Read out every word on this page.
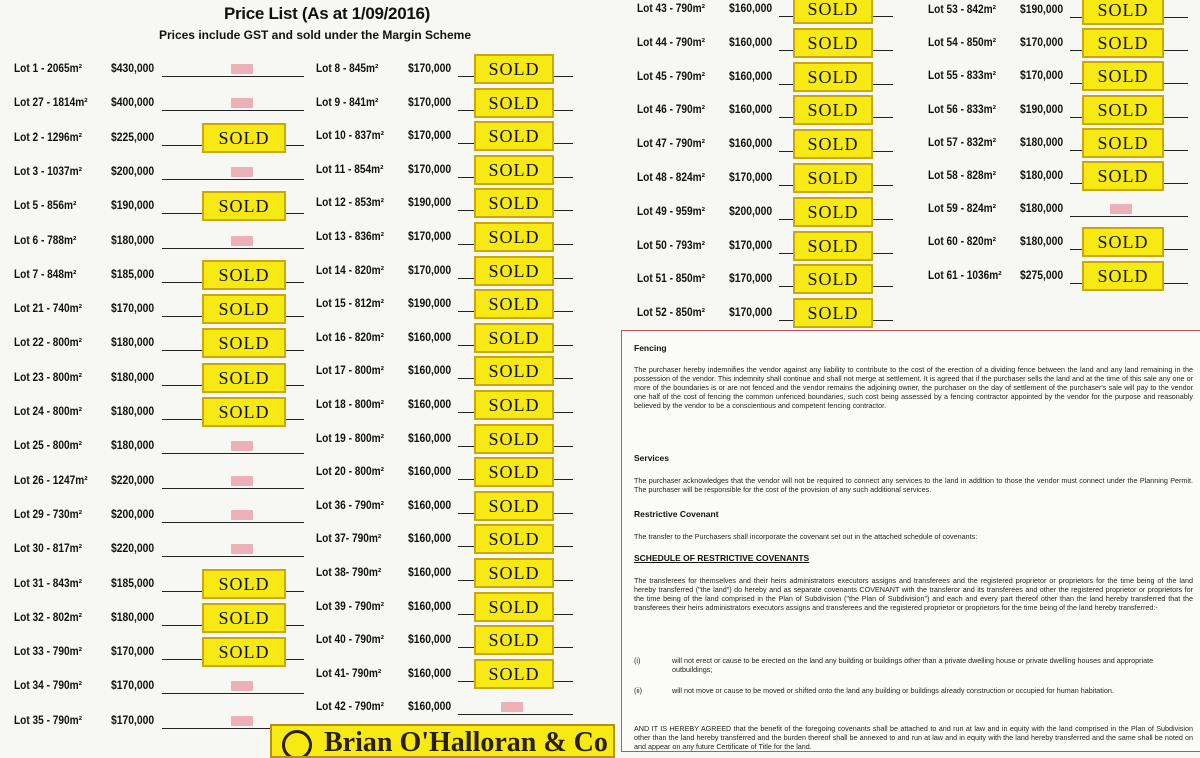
Price List (As at 1/09/2016)
Prices include GST and sold under the Margin Scheme
Lot 1 - 2065m²	$430,000
Lot 27 - 1814m² $400,000
Lot 2 - 1296m²	$225,000	SOLD
Lot 3 - 1037m²	$200,000
Lot 5 - 856m²	$190,000	SOLD
Lot 6 - 788m²	$180,000
Lot 7 - 848m²	$185,000	SOLD
Lot 21 - 740m²	$170,000	SOLD
Lot 22 - 800m²	$180,000	SOLD
Lot 23 - 800m²	$180,000	SOLD
Lot 24 - 800m²	$180,000	SOLD
Lot 25 - 800m²	$180,000
Lot 26 - 1247m² $220,000
Lot 29 - 730m²	$200,000
Lot 30 - 817m²	$220,000
Lot 31 - 843m²	$185,000	SOLD
Lot 32 - 802m²	$180,000	SOLD
Lot 33 - 790m²	$170,000	SOLD
Lot 34 - 790m²	$170,000
Lot 35 - 790m²	$170,000
Lot 8 - 845m²	$170,000	SOLD
Lot 9 - 841m²	$170,000	SOLD
Lot 10 - 837m² $170,000	SOLD
Lot 11 - 854m² $170,000	SOLD
Lot 12 - 853m² $190,000	SOLD
Lot 13 - 836m² $170,000	SOLD
Lot 14 - 820m² $170,000	SOLD
Lot 15 - 812m² $190,000	SOLD
Lot 16 - 820m² $160,000	SOLD
Lot 17 - 800m² $160,000	SOLD
Lot 18 - 800m² $160,000	SOLD
Lot 19 - 800m² $160,000	SOLD
Lot 20 - 800m² $160,000	SOLD
Lot 36 - 790m² $160,000	SOLD
Lot 37- 790m² $160,000	SOLD
Lot 38- 790m² $160,000	SOLD
Lot 39 - 790m² $160,000	SOLD
Lot 40 - 790m² $160,000	SOLD
Lot 41- 790m² $160,000	SOLD
Lot 42 - 790m² $160,000
Lot 43 - 790m² $160,000	SOLD
Lot 44 - 790m² $160,000	SOLD
Lot 45 - 790m² $160,000	SOLD
Lot 46 - 790m² $160,000	SOLD
Lot 47 - 790m² $160,000	SOLD
Lot 48 - 824m² $170,000	SOLD
Lot 49 - 959m² $200,000	SOLD
Lot 50 - 793m² $170,000	SOLD
Lot 51 - 850m² $170,000	SOLD
Lot 52 - 850m² $170,000	SOLD
Lot 53 - 842m² $190,000	SOLD
Lot 54 - 850m² $170,000	SOLD
Lot 55 - 833m² $170,000	SOLD
Lot 56 - 833m² $190,000	SOLD
Lot 57 - 832m² $180,000	SOLD
Lot 58 - 828m² $180,000	SOLD
Lot 59 - 824m² $180,000
Lot 60 - 820m² $180,000	SOLD
Lot 61 - 1036m² $275,000	SOLD
Fencing

The purchaser hereby indemnifies the vendor against any liability to contribute to the cost of the erection of a dividing fence between the land and any land remaining in the possession of the vendor. This indemnity shall continue and shall not merge at settlement. It is agreed that if the purchaser sells the land and at the time of this sale any one or more of the boundaries is or are not fenced and the vendor remains the adjoining owner, the purchaser on the day of settlement of the purchaser's sale will pay to the vendor one half of the cost of fencing the common unfenced boundaries, such cost being assessed by a fencing contractor appointed by the vendor for the purpose and reasonably believed by the vendor to be a conscientious and competent fencing contractor.

Services

The purchaser acknowledges that the vendor will not be required to connect any services to the land in addition to those the vendor must connect under the Planning Permit. The purchaser will be responsible for the cost of the provision of any such additional services.

Restrictive Covenant

The transfer to the Purchasers shall incorporate the covenant set out in the attached schedule of covenants:

SCHEDULE OF RESTRICTIVE COVENANTS

The transferees for themselves and their heirs administrators executors assigns and transferees and the registered proprietor or proprietors for the time being of the land hereby transferred ("the land") do hereby and as separate covenants COVENANT with the transferor and its transferees and other the registered proprietor or proprietors for the time being of the land comprised in the Plan of Subdivision ("the Plan of Subdivision") and each and every part thereof other than the land hereby transferred that the transferees their heirs administrators executors assigns and transferees and the registered proprietor or proprietors for the time being of the land hereby transferred:-

(i)	will not erect or cause to be erected on the land any building or buildings other than a private dwelling house or private dwelling houses and appropriate outbuildings;
(ii)	will not move or cause to be moved or shifted onto the land any building or buildings already construction or occupied for human habitation.

AND IT IS HEREBY AGREED that the benefit of the foregoing covenants shall be attached to and run at law and in equity with the land comprised in the Plan of Subdivision other than the land hereby transferred and the burden thereof shall be annexed to and run at law and in equity with the land hereby transferred and the same shall be noted on and appear on any future Certificate of Title for the land.

Brian O'Halloran & Co
